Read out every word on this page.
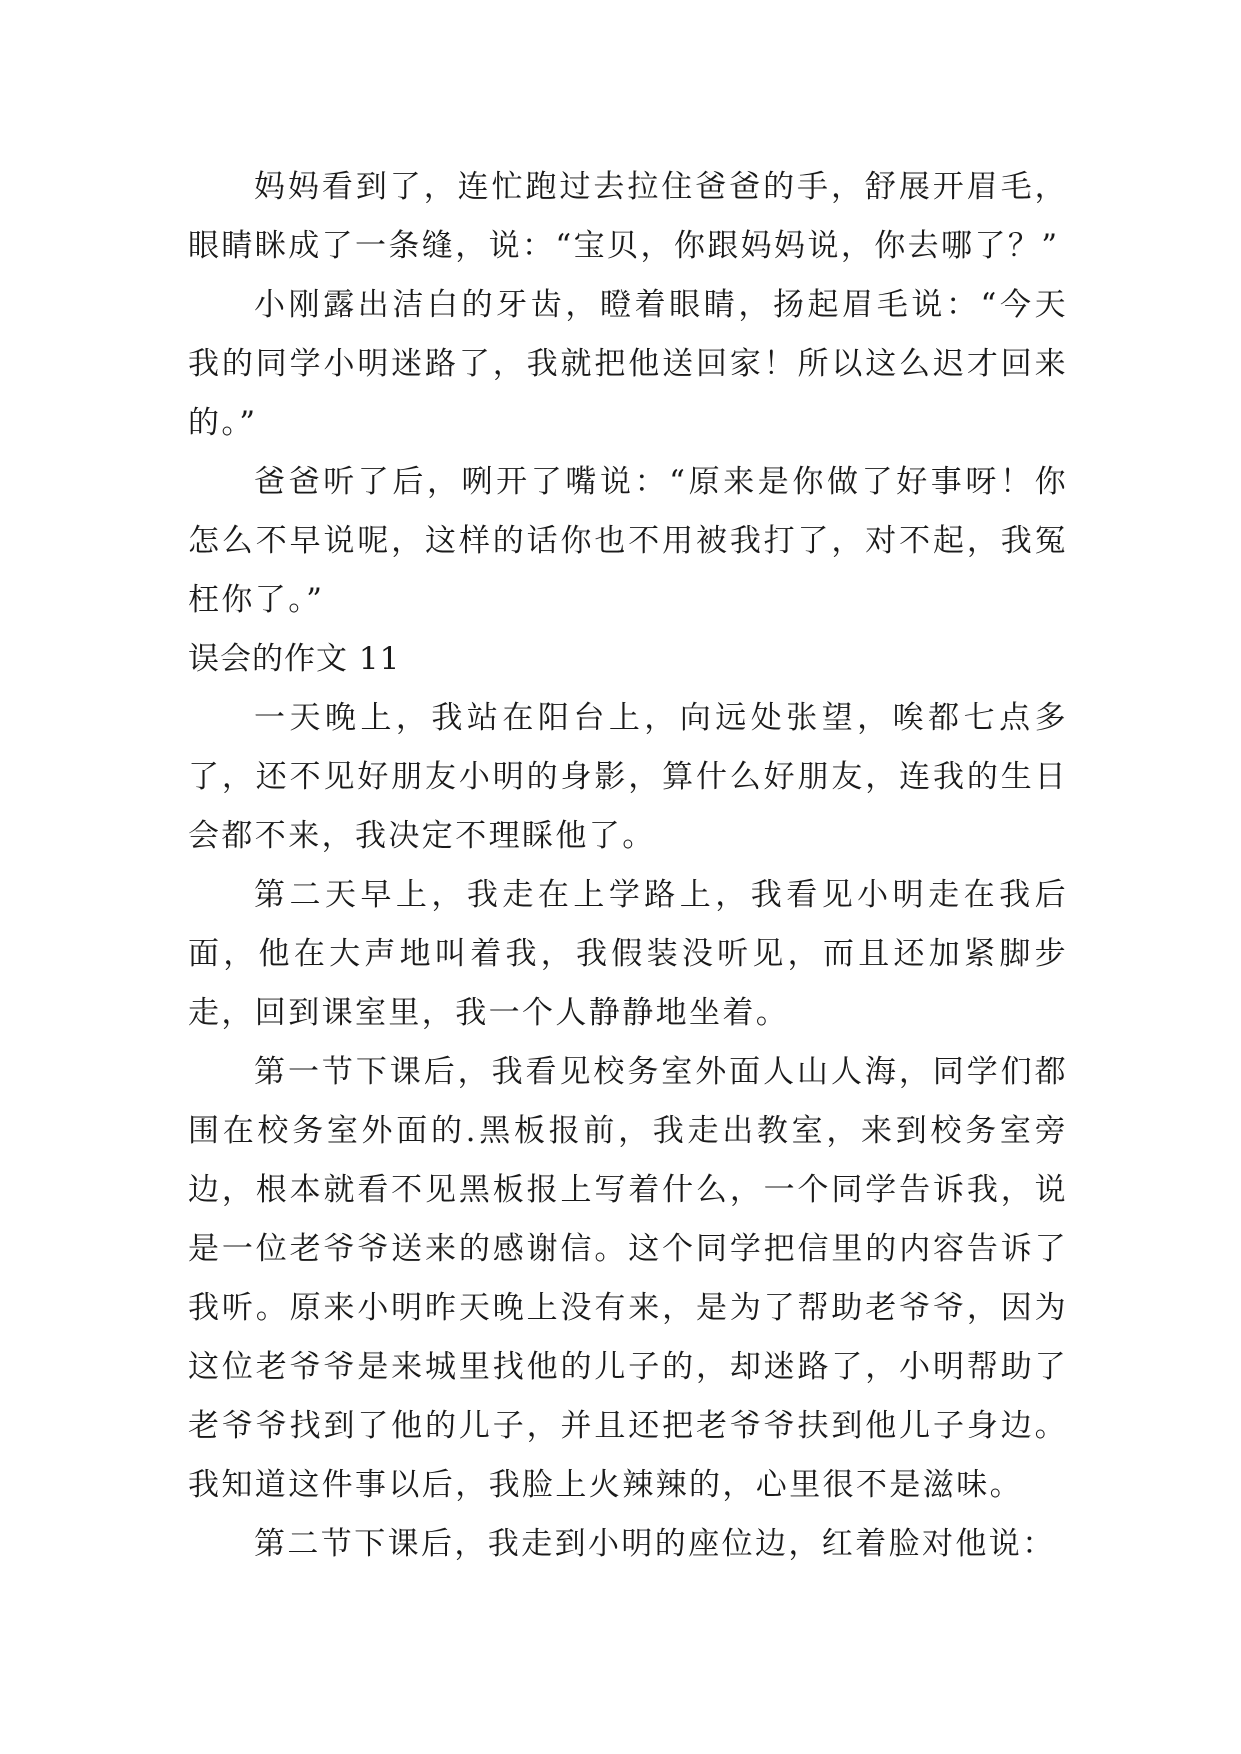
妈妈看到了，连忙跑过去拉住爸爸的手，舒展开眉毛，眼睛眯成了一条缝，说：“宝贝，你跟妈妈说，你去哪了？”

小刚露出洁白的牙齿，瞪着眼睛，扬起眉毛说：“今天我的同学小明迷路了，我就把他送回家！所以这么迟才回来的。”

爸爸听了后，咧开了嘴说：“原来是你做了好事呀！你怎么不早说呢，这样的话你也不用被我打了，对不起，我冤枉你了。”

误会的作文 11

一天晚上，我站在阳台上，向远处张望，唉都七点多了，还不见好朋友小明的身影，算什么好朋友，连我的生日会都不来，我决定不理睬他了。

第二天早上，我走在上学路上，我看见小明走在我后面，他在大声地叫着我，我假装没听见，而且还加紧脚步走，回到课室里，我一个人静静地坐着。

第一节下课后，我看见校务室外面人山人海，同学们都围在校务室外面的.黑板报前，我走出教室，来到校务室旁边，根本就看不见黑板报上写着什么，一个同学告诉我，说是一位老爷爷送来的感谢信。这个同学把信里的内容告诉了我听。原来小明昨天晚上没有来，是为了帮助老爷爷，因为这位老爷爷是来城里找他的儿子的，却迷路了，小明帮助了老爷爷找到了他的儿子，并且还把老爷爷扶到他儿子身边。我知道这件事以后，我脸上火辣辣的，心里很不是滋味。

第二节下课后，我走到小明的座位边，红着脸对他说：
